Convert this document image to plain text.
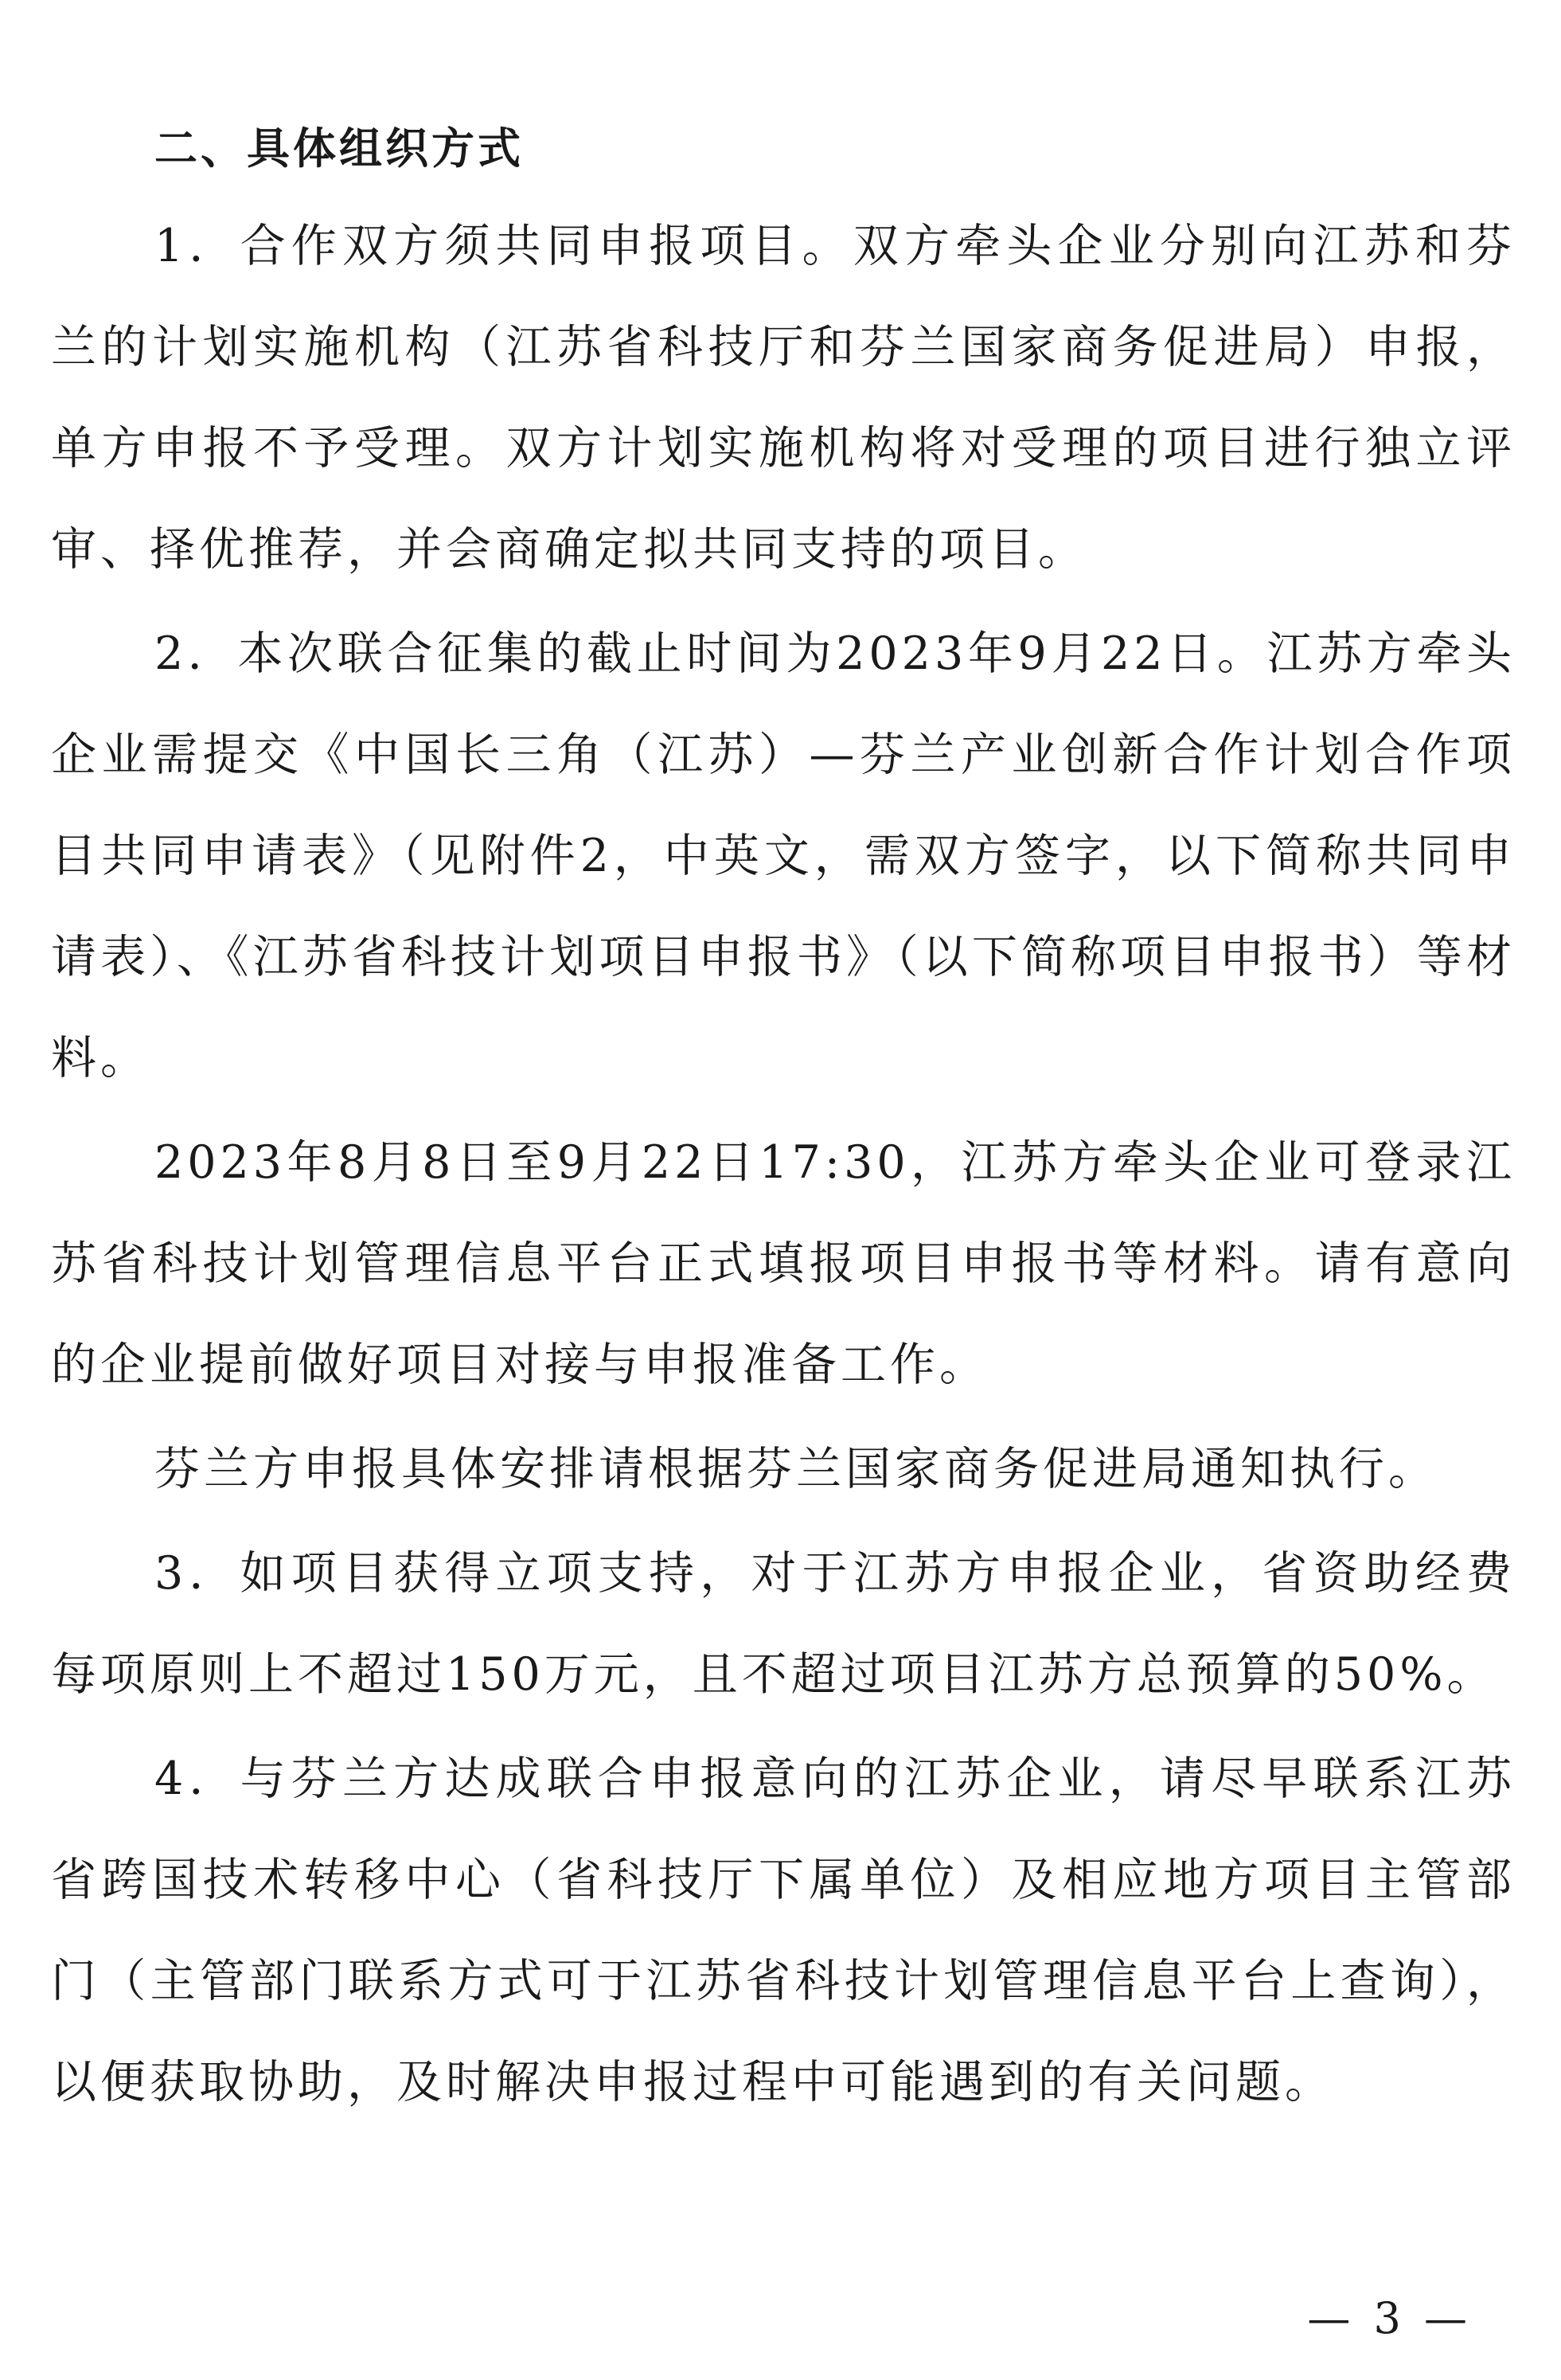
二、具体组织方式

1．合作双方须共同申报项目。双方牵头企业分别向江苏和芬兰的计划实施机构（江苏省科技厅和芬兰国家商务促进局）申报，单方申报不予受理。双方计划实施机构将对受理的项目进行独立评审、择优推荐，并会商确定拟共同支持的项目。

2．本次联合征集的截止时间为2023年9月22日。江苏方牵头企业需提交《中国长三角（江苏）—芬兰产业创新合作计划合作项目共同申请表》（见附件2，中英文，需双方签字，以下简称共同申请表）、《江苏省科技计划项目申报书》（以下简称项目申报书）等材料。

2023年8月8日至9月22日17:30，江苏方牵头企业可登录江苏省科技计划管理信息平台正式填报项目申报书等材料。请有意向的企业提前做好项目对接与申报准备工作。

芬兰方申报具体安排请根据芬兰国家商务促进局通知执行。

3．如项目获得立项支持，对于江苏方申报企业，省资助经费每项原则上不超过150万元，且不超过项目江苏方总预算的50%。

4．与芬兰方达成联合申报意向的江苏企业，请尽早联系江苏省跨国技术转移中心（省科技厅下属单位）及相应地方项目主管部门（主管部门联系方式可于江苏省科技计划管理信息平台上查询），以便获取协助，及时解决申报过程中可能遇到的有关问题。

— 3 —
